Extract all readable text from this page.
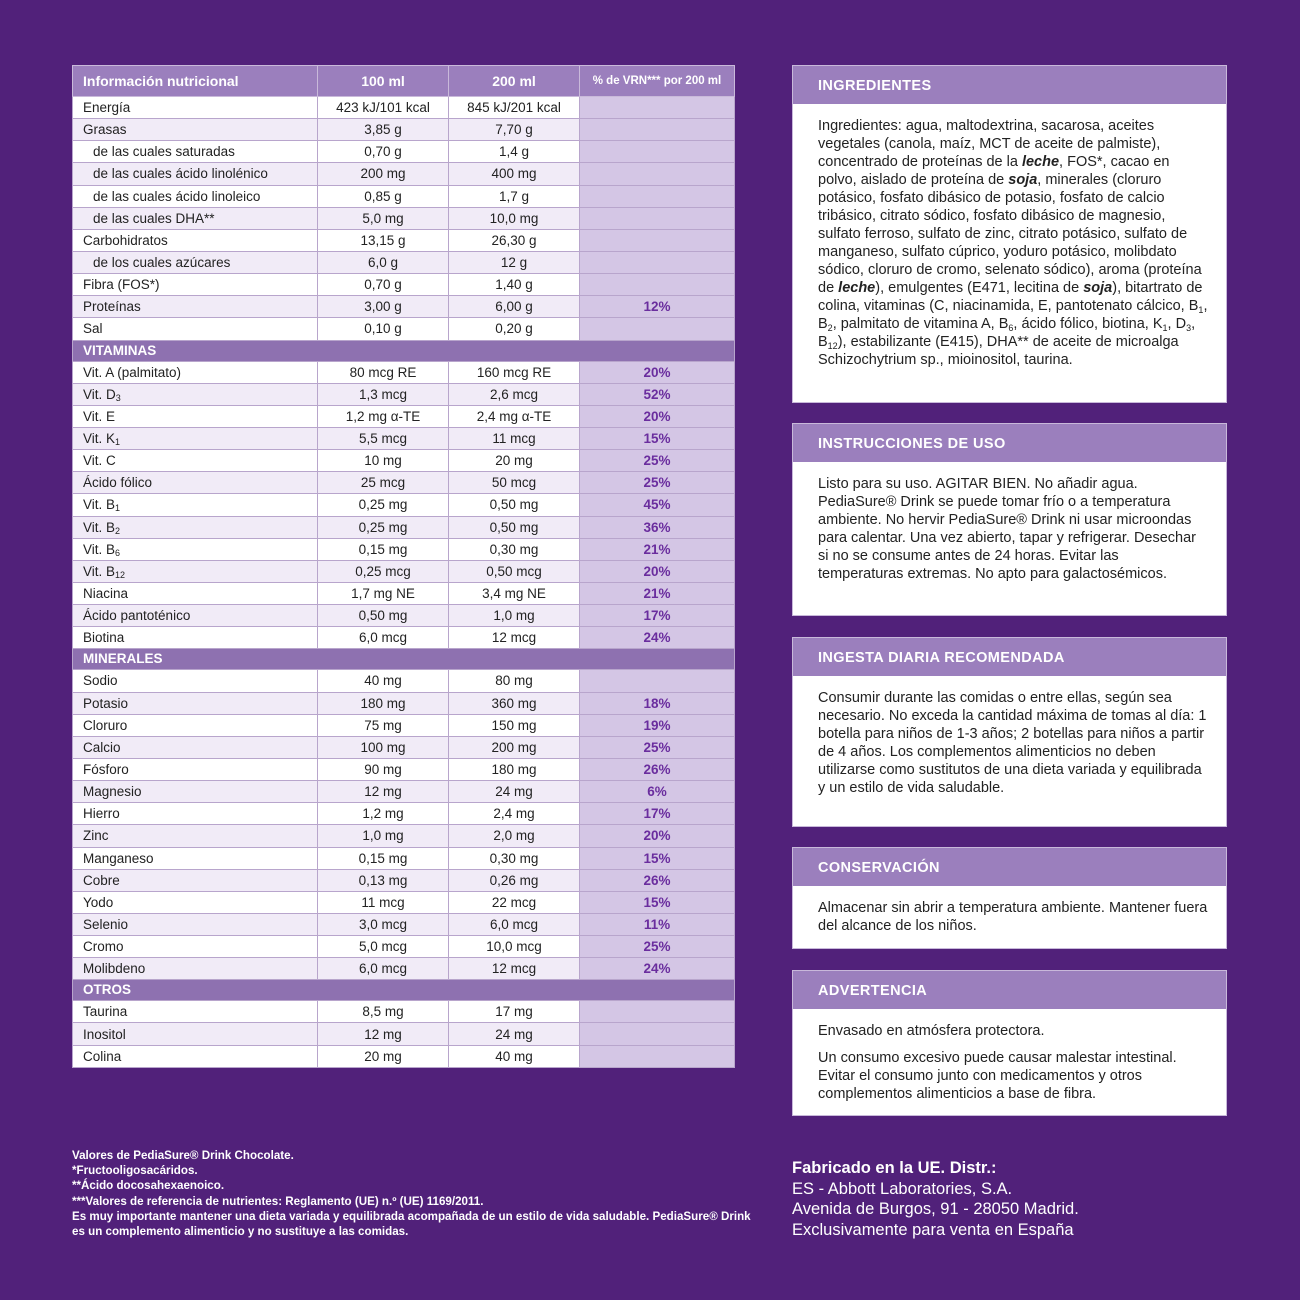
Información nutricional	100 ml	200 ml	% de VRN*** por 200 ml
Energía	423 kJ/101 kcal	845 kJ/201 kcal	
Grasas	3,85 g	7,70 g	
de las cuales saturadas	0,70 g	1,4 g	
de las cuales ácido linolénico	200 mg	400 mg	
de las cuales ácido linoleico	0,85 g	1,7 g	
de las cuales DHA**	5,0 mg	10,0 mg	
Carbohidratos	13,15 g	26,30 g	
de los cuales azúcares	6,0 g	12 g	
Fibra (FOS*)	0,70 g	1,40 g	
Proteínas	3,00 g	6,00 g	12%
Sal	0,10 g	0,20 g	
VITAMINAS			
Vit. A (palmitato)	80 mcg RE	160 mcg RE	20%
Vit. $D_3$	1,3 mcg	2,6 mcg	52%
Vit. E	1,2 mg α-TE	2,4 mg α-TE	20%
Vit. $K_1$	5,5 mcg	11 mcg	15%
Vit. C	10 mg	20 mg	25%
Ácido fólico	25 mcg	50 mcg	25%
Vit. $B_1$	0,25 mg	0,50 mg	45%
Vit. $B_2$	0,25 mg	0,50 mg	36%
Vit. $B_6$	0,15 mg	0,30 mg	21%
Vit. $B_{12}$	0,25 mcg	0,50 mcg	20%
Niacina	1,7 mg NE	3,4 mg NE	21%
Ácido pantoténico	0,50 mg	1,0 mg	17%
Biotina	6,0 mcg	12 mcg	24%
MINERALES			
Sodio	40 mg	80 mg	
Potasio	180 mg	360 mg	18%
Cloruro	75 mg	150 mg	19%
Calcio	100 mg	200 mg	25%
Fósforo	90 mg	180 mg	26%
Magnesio	12 mg	24 mg	6%
Hierro	1,2 mg	2,4 mg	17%
Zinc	1,0 mg	2,0 mg	20%
Manganeso	0,15 mg	0,30 mg	15%
Cobre	0,13 mg	0,26 mg	26%
Yodo	11 mcg	22 mcg	15%
Selenio	3,0 mcg	6,0 mcg	11%
Cromo	5,0 mcg	10,0 mcg	25%
Molibdeno	6,0 mcg	12 mcg	24%
OTROS			
Taurina	8,5 mg	17 mg	
Inositol	12 mg	24 mg	
Colina	20 mg	40 mg	
INGREDIENTES
Ingredientes: agua, maltodextrina, sacarosa, aceites vegetales (canola, maíz, MCT de aceite de palmiste), concentrado de proteínas de la leche, FOS*, cacao en polvo, aislado de proteína de soja, minerales (cloruro potásico, fosfato dibásico de potasio, fosfato de calcio tribásico, citrato sódico, fosfato dibásico de magnesio, sulfato ferroso, sulfato de zinc, citrato potásico, sulfato de manganeso, sulfato cúprico, yoduro potásico, molibdato sódico, cloruro de cromo, selenato sódico), aroma (proteína de leche), emulgentes (E471, lecitina de soja), bitartrato de colina, vitaminas (C, niacinamida, E, pantotenato cálcico, $B_1$, $B_2$, palmitato de vitamina A, $B_6$, ácido fólico, biotina, $K_1$, $D_3$, $B_{12}$), estabilizante (E415), DHA** de aceite de microalga Schizochytrium sp., mioinositol, taurina.
INSTRUCCIONES DE USO
Listo para su uso. AGITAR BIEN. No añadir agua. PediaSure® Drink se puede tomar frío o a temperatura ambiente. No hervir PediaSure® Drink ni usar microondas para calentar. Una vez abierto, tapar y refrigerar. Desechar si no se consume antes de 24 horas. Evitar las temperaturas extremas. No apto para galactosémicos.
INGESTA DIARIA RECOMENDADA
Consumir durante las comidas o entre ellas, según sea necesario. No exceda la cantidad máxima de tomas al día: 1 botella para niños de 1-3 años; 2 botellas para niños a partir de 4 años. Los complementos alimenticios no deben utilizarse como sustitutos de una dieta variada y equilibrada y un estilo de vida saludable.
CONSERVACIÓN
Almacenar sin abrir a temperatura ambiente. Mantener fuera del alcance de los niños.
ADVERTENCIA

Envasado en atmósfera protectora.

Un consumo excesivo puede causar malestar intestinal. Evitar el consumo junto con medicamentos y otros complementos alimenticios a base de fibra.

Valores de PediaSure® Drink Chocolate.
*Fructooligosacáridos.
**Ácido docosahexaenoico.
***Valores de referencia de nutrientes: Reglamento (UE) n.º (UE) 1169/2011.
Es muy importante mantener una dieta variada y equilibrada acompañada de un estilo de vida saludable. PediaSure® Drink
es un complemento alimenticio y no sustituye a las comidas.
Fabricado en la UE. Distr.:
ES - Abbott Laboratories, S.A.
Avenida de Burgos, 91 - 28050 Madrid.
Exclusivamente para venta en España
